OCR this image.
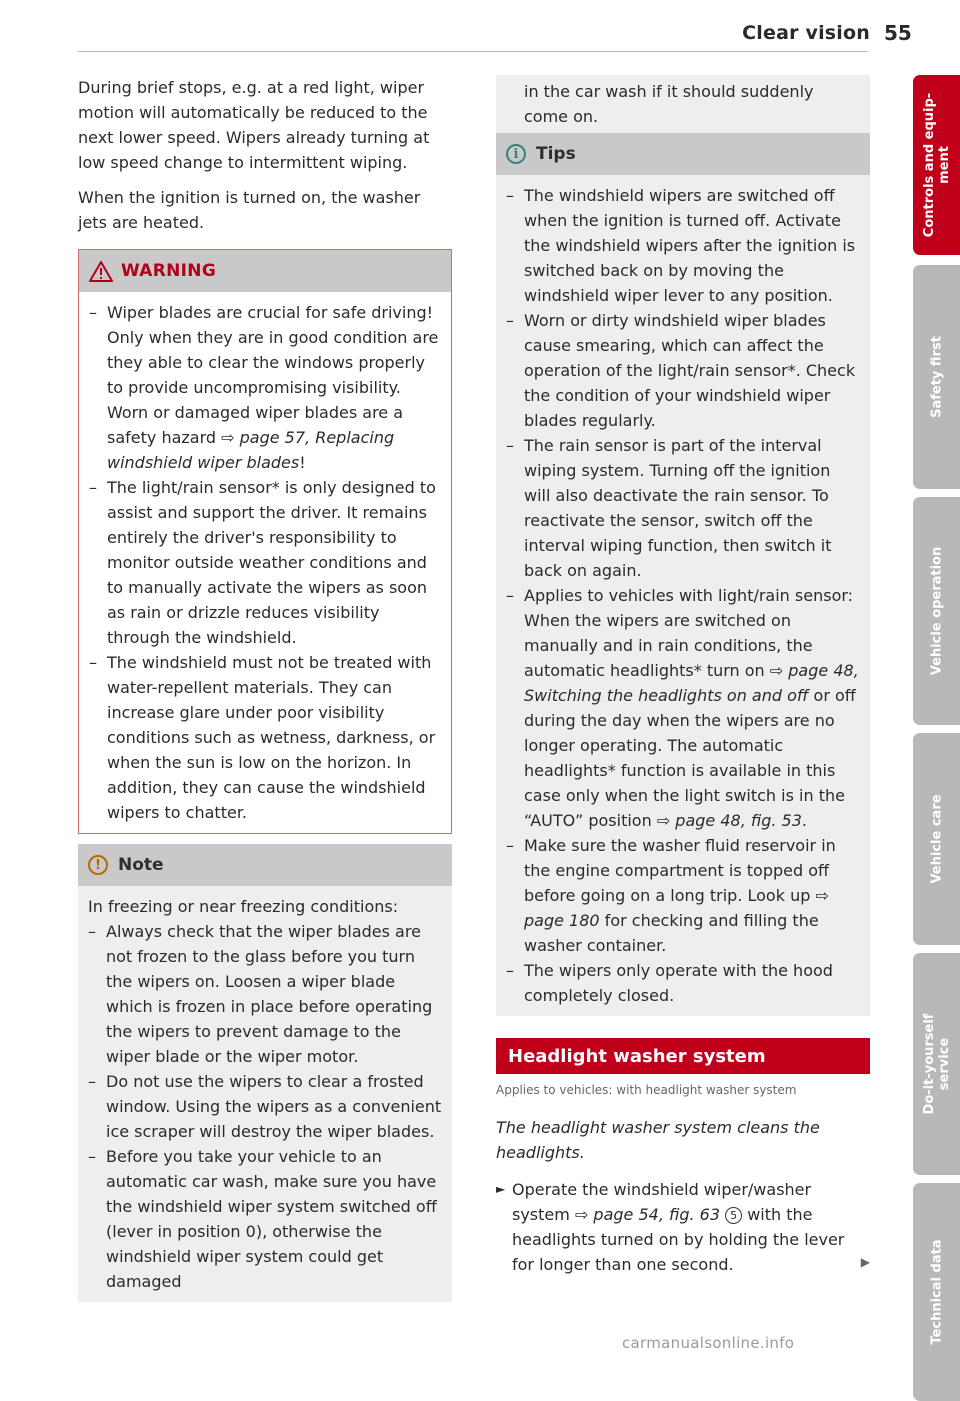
Clear vision 55

During brief stops, e.g. at a red light, wiper motion will automatically be reduced to the next lower speed. Wipers already turning at low speed change to intermittent wiping.

When the ignition is turned on, the washer jets are heated.

WARNING
– Wiper blades are crucial for safe driving! Only when they are in good condition are they able to clear the windows properly to provide uncompromising visibility. Worn or damaged wiper blades are a safety hazard ⇨ page 57, Replacing windshield wiper blades!
– The light/rain sensor* is only designed to assist and support the driver. It remains entirely the driver's responsibility to monitor outside weather conditions and to manually activate the wipers as soon as rain or drizzle reduces visibility through the windshield.
– The windshield must not be treated with water-repellent materials. They can increase glare under poor visibility conditions such as wetness, darkness, or when the sun is low on the horizon. In addition, they can cause the windshield wipers to chatter.
!	Note

In freezing or near freezing conditions:

– Always check that the wiper blades are not frozen to the glass before you turn the wipers on. Loosen a wiper blade which is frozen in place before operating the wipers to prevent damage to the wiper blade or the wiper motor.
– Do not use the wipers to clear a frosted window. Using the wipers as a convenient ice scraper will destroy the wiper blades.
– Before you take your vehicle to an automatic car wash, make sure you have the windshield wiper system switched off (lever in position 0), otherwise the windshield wiper system could get damaged
in the car wash if it should suddenly come on.
i	Tips
– The windshield wipers are switched off when the ignition is turned off. Activate the windshield wipers after the ignition is switched back on by moving the windshield wiper lever to any position.
– Worn or dirty windshield wiper blades cause smearing, which can affect the operation of the light/rain sensor*. Check the condition of your windshield wiper blades regularly.
– The rain sensor is part of the interval wiping system. Turning off the ignition will also deactivate the rain sensor. To reactivate the sensor, switch off the interval wiping function, then switch it back on again.
– Applies to vehicles with light/rain sensor: When the wipers are switched on manually and in rain conditions, the automatic headlights* turn on ⇨ page 48, Switching the headlights on and off or off during the day when the wipers are no longer operating. The automatic headlights* function is available in this case only when the light switch is in the “AUTO” position ⇨ page 48, fig. 53.
– Make sure the washer fluid reservoir in the engine compartment is topped off before going on a long trip. Look up ⇨ page 180 for checking and filling the washer container.
– The wipers only operate with the hood completely closed.
Headlight washer system
Applies to vehicles: with headlight washer system
The headlight washer system cleans the headlights.
► Operate the windshield wiper/washer system ⇨ page 54, fig. 63 5 with the headlights turned on by holding the lever for longer than one second.	▶
Controls and equip-
ment
Safety first
Vehicle operation
Vehicle care
Do-it-yourself
service
Technical data
carmanualsonline.info
